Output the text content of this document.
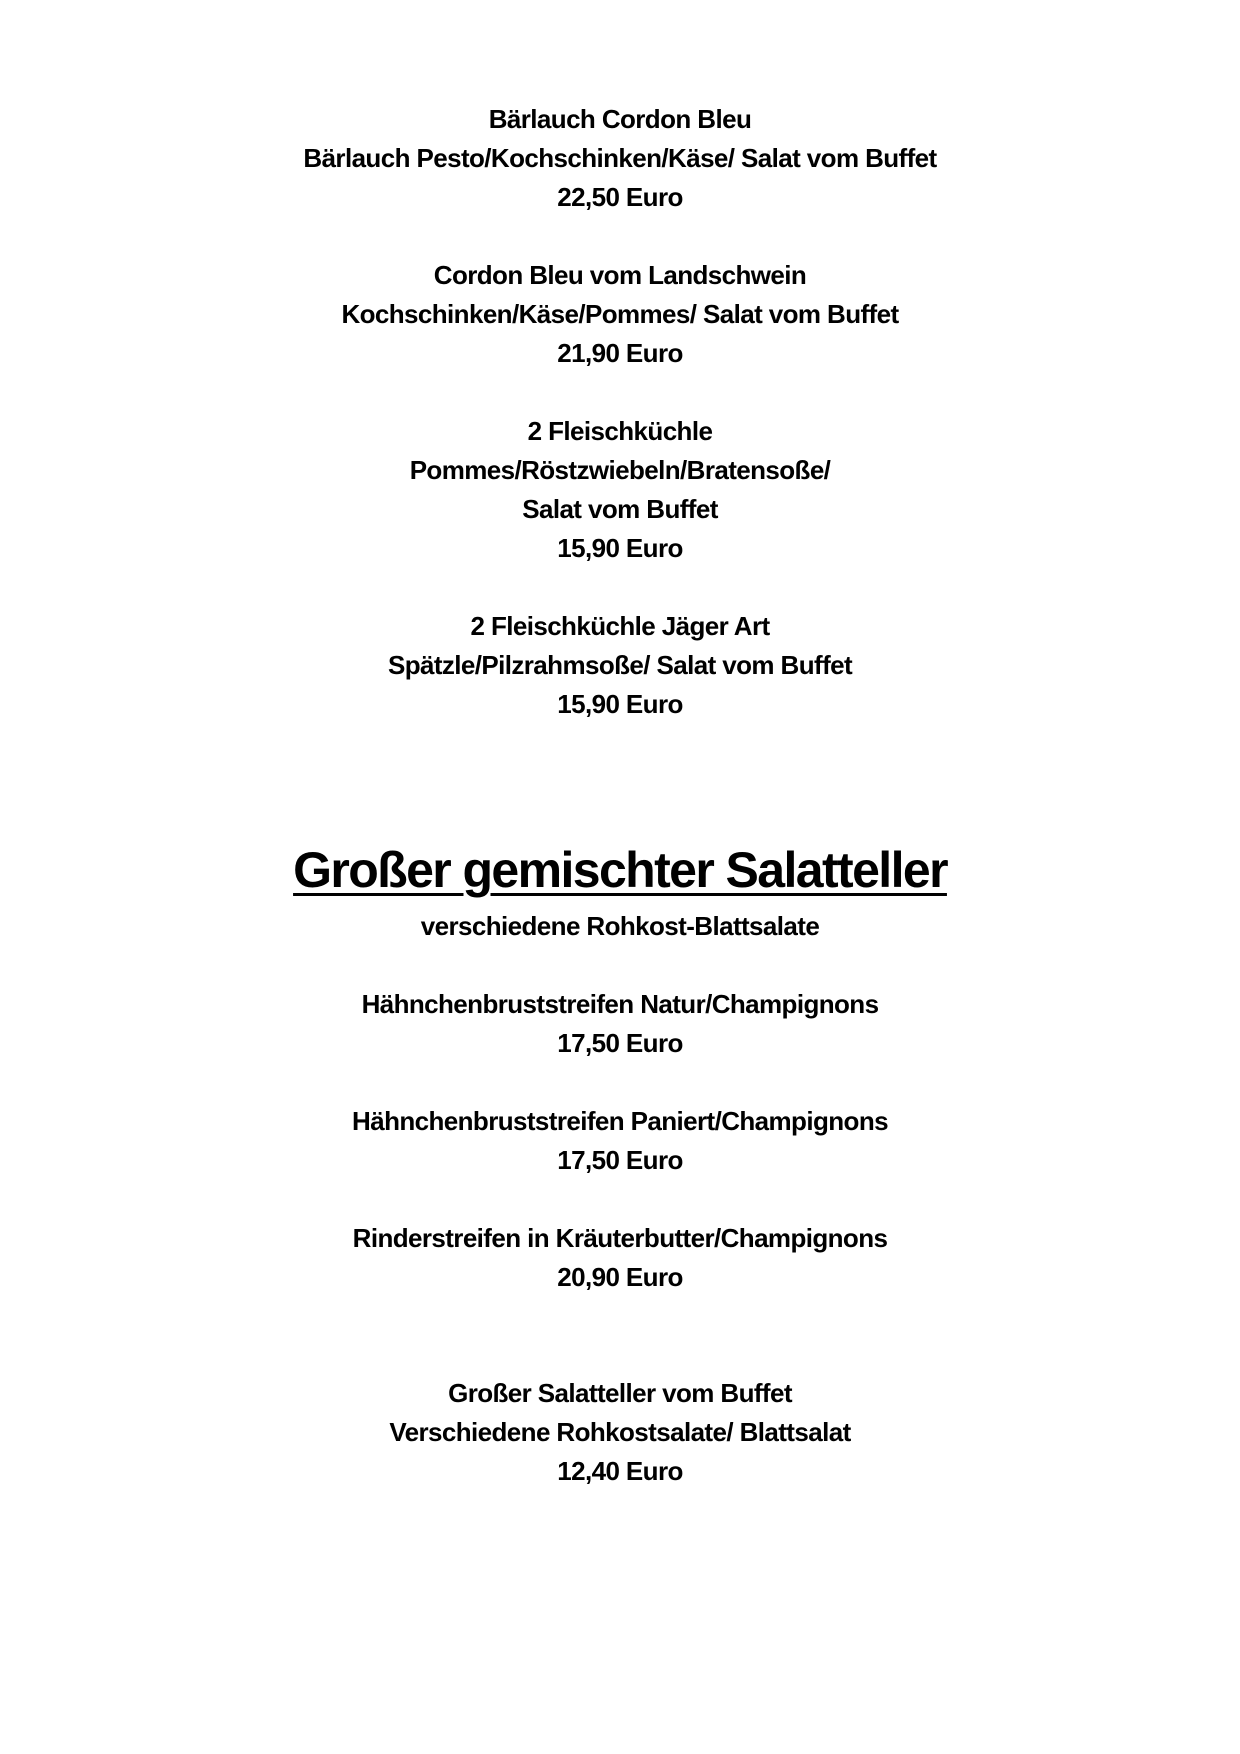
Bärlauch Cordon Bleu
Bärlauch Pesto/Kochschinken/Käse/ Salat vom Buffet
22,50 Euro
Cordon Bleu vom Landschwein
Kochschinken/Käse/Pommes/ Salat vom Buffet
21,90 Euro
2 Fleischküchle
Pommes/Röstzwiebeln/Bratensoße/
Salat vom Buffet
15,90 Euro
2 Fleischküchle Jäger Art
Spätzle/Pilzrahmsoße/ Salat vom Buffet
15,90 Euro
Großer gemischter Salatteller
verschiedene Rohkost-Blattsalate
Hähnchenbruststreifen Natur/Champignons
17,50 Euro
Hähnchenbruststreifen Paniert/Champignons
17,50 Euro
Rinderstreifen in Kräuterbutter/Champignons
20,90 Euro
Großer Salatteller vom Buffet
Verschiedene Rohkostsalate/ Blattsalat
12,40 Euro
